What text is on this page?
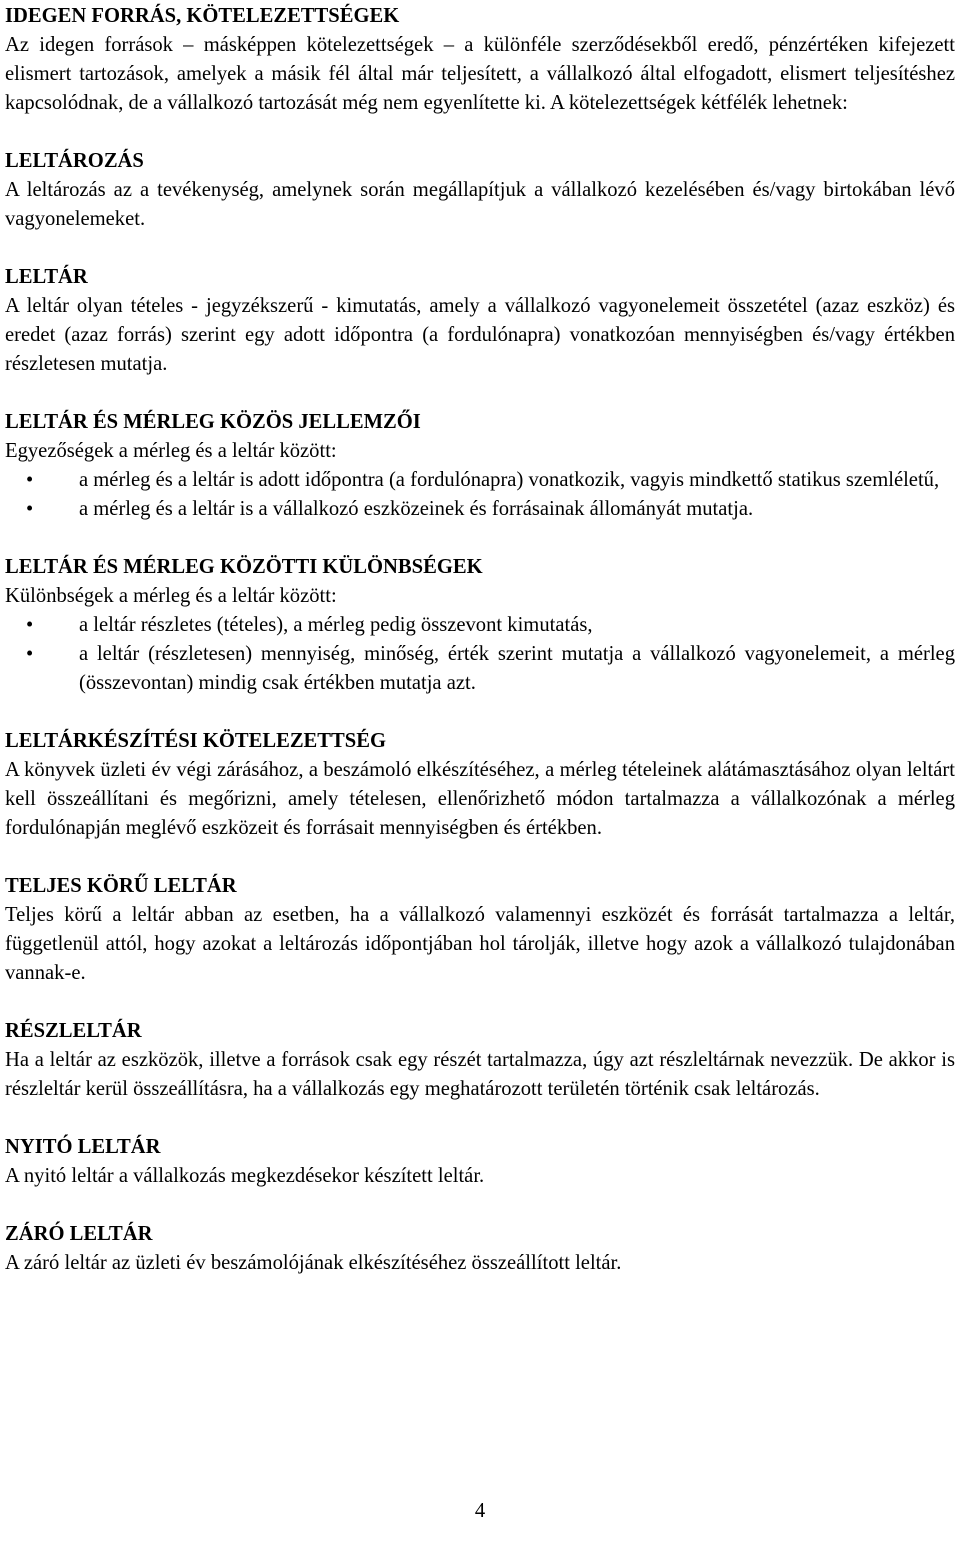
IDEGEN FORRÁS, KÖTELEZETTSÉGEK

Az idegen források – másképpen kötelezettségek – a különféle szerződésekből eredő, pénzértéken kifejezett elismert tartozások, amelyek a másik fél által már teljesített, a vállalkozó által elfogadott, elismert teljesítéshez kapcsolódnak, de a vállalkozó tartozását még nem egyenlítette ki. A kötelezettségek kétfélék lehetnek:

LELTÁROZÁS

A leltározás az a tevékenység, amelynek során megállapítjuk a vállalkozó kezelésében és/vagy birtokában lévő vagyonelemeket.

LELTÁR

A leltár olyan tételes - jegyzékszerű - kimutatás, amely a vállalkozó vagyonelemeit összetétel (azaz eszköz) és eredet (azaz forrás) szerint egy adott időpontra (a fordulónapra) vonatkozóan mennyiségben és/vagy értékben részletesen mutatja.

LELTÁR ÉS MÉRLEG KÖZÖS JELLEMZŐI

Egyezőségek a mérleg és a leltár között:

•	a mérleg és a leltár is adott időpontra (a fordulónapra) vonatkozik, vagyis mindkettő statikus szemléletű,
•	a mérleg és a leltár is a vállalkozó eszközeinek és forrásainak állományát mutatja.
LELTÁR ÉS MÉRLEG KÖZÖTTI KÜLÖNBSÉGEK

Különbségek a mérleg és a leltár között:

•	a leltár részletes (tételes), a mérleg pedig összevont kimutatás,
•	a leltár (részletesen) mennyiség, minőség, érték szerint mutatja a vállalkozó vagyonelemeit, a mérleg (összevontan) mindig csak értékben mutatja azt.
LELTÁRKÉSZÍTÉSI KÖTELEZETTSÉG

A könyvek üzleti év végi zárásához, a beszámoló elkészítéséhez, a mérleg tételeinek alátámasztásához olyan leltárt kell összeállítani és megőrizni, amely tételesen, ellenőrizhető módon tartalmazza a vállalkozónak a mérleg fordulónapján meglévő eszközeit és forrásait mennyiségben és értékben.

TELJES KÖRŰ LELTÁR

Teljes körű a leltár abban az esetben, ha a vállalkozó valamennyi eszközét és forrását tartalmazza a leltár, függetlenül attól, hogy azokat a leltározás időpontjában hol tárolják, illetve hogy azok a vállalkozó tulajdonában vannak-e.

RÉSZLELTÁR

Ha a leltár az eszközök, illetve a források csak egy részét tartalmazza, úgy azt részleltárnak nevezzük. De akkor is részleltár kerül összeállításra, ha a vállalkozás egy meghatározott területén történik csak leltározás.

NYITÓ LELTÁR

A nyitó leltár a vállalkozás megkezdésekor készített leltár.

ZÁRÓ LELTÁR

A záró leltár az üzleti év beszámolójának elkészítéséhez összeállított leltár.

4
